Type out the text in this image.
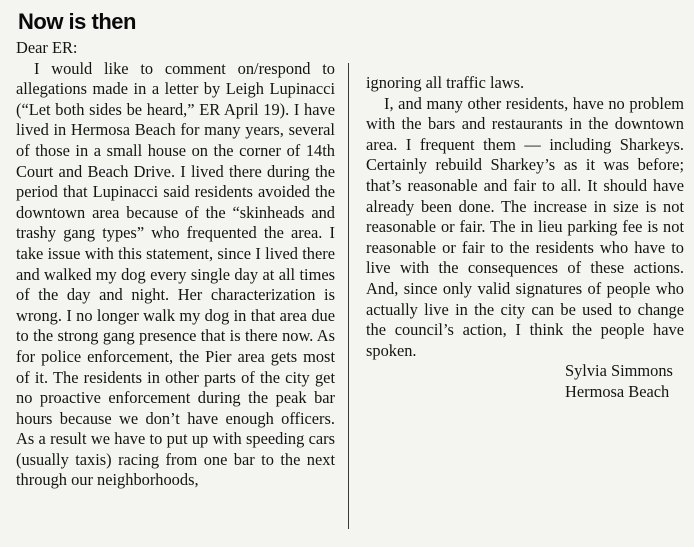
Now is then

Dear ER:

I would like to comment on/respond to allegations made in a letter by Leigh Lupinacci (“Let both sides be heard,” ER April 19). I have lived in Hermosa Beach for many years, several of those in a small house on the corner of 14th Court and Beach Drive. I lived there during the period that Lupinacci said residents avoided the downtown area because of the “skinheads and trashy gang types” who frequented the area. I take issue with this statement, since I lived there and walked my dog every single day at all times of the day and night. Her characterization is wrong. I no longer walk my dog in that area due to the strong gang presence that is there now. As for police enforcement, the Pier area gets most of it. The residents in other parts of the city get no proactive enforcement during the peak bar hours because we don’t have enough officers. As a result we have to put up with speeding cars (usually taxis) racing from one bar to the next through our neighborhoods,

ignoring all traffic laws.

I, and many other residents, have no problem with the bars and restaurants in the downtown area. I frequent them — including Sharkeys. Certainly rebuild Sharkey’s as it was before; that’s reasonable and fair to all. It should have already been done. The increase in size is not reasonable or fair. The in lieu parking fee is not reasonable or fair to the residents who have to live with the consequences of these actions. And, since only valid signatures of people who actually live in the city can be used to change the council’s action, I think the people have spoken.

Sylvia Simmons

Hermosa Beach
